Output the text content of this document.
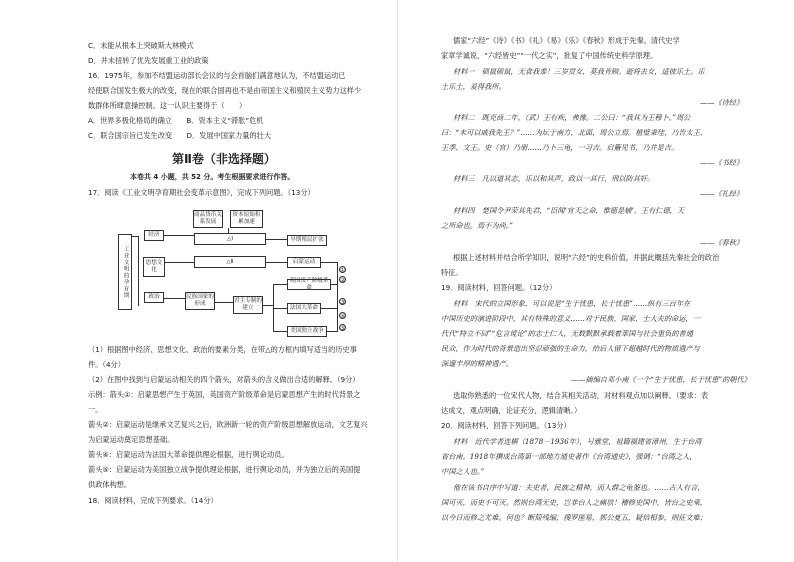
C．未能从根本上突破斯大林模式
D．并未扭转了优先发展重工业的政策
16．1975年，参加不结盟运动部长会议的与会首脑们满意地认为，不结盟运动已
经使联合国发生极大的改变，现在的联合国再也不是由帝国主义和殖民主义势力这样少
数群体所肆意操控制。这一认识主要得于（　　）
A．世界多极化格局的确立　　B．资本主义“滞胀”危机
C．联合国宗旨已发生改变　　D．发展中国家力量的壮大
第Ⅱ卷（非选择题）
本卷共 4 小题，共 52 分。考生根据要求进行作答。
17．阅读《工业文明孕育期社会变革示意图》，完成下列问题。（13分）
工业文明的孕育期
经济
思想文化
政治
商品货币关系发展
资本原始积累加速
△Ⅰ
△Ⅱ
民族国家的形成	君主专制的建立
早期殖民扩张
启蒙运动
英国资产阶级革命
法国大革命
美国独立战争
①
②
③
④
⑤
（1）根据图中经济、思想文化、政治的要素分类，在带△的方框内填写适当的历史事
件。（4分）
（2）在图中找到与启蒙运动相关的四个箭头，对箭头的含义做出合适的解释。（9分）
示例：箭头①：启蒙思想产生于英国，英国资产阶级革命是启蒙思想产生的时代背景之
一。
箭头②：启蒙运动是继承文艺复兴之后，欧洲新一轮的资产阶级思想解放运动，文艺复兴
为启蒙运动奠定思想基础。
箭头④：启蒙运动为法国大革命提供理论根据，进行舆论动员。
箭头⑤：启蒙运动为美国独立战争提供理论根据，进行舆论动员，并为独立后的美国提
供政体构想。
18．阅读材料，完成下列要求。（14分）
儒家“六经”《诗》《书》《礼》《易》《乐》《春秋》形成于先秦。清代史学
家章学诚说，“六经皆史”“一代之实”，批复了中国传统史料学原理。
材料一　硕鼠硕鼠，无食我黍！三岁贯女，莫我肯顾。逝将去女，适彼乐土。乐
土乐土，爰得我所。
——《诗经》
材料二　既克商二年，（武）王有疾，弗豫。二公曰：“我其为王穆卜。”周公
曰：“未可以戚我先王？”……为坛于南方，北面，周公立焉。植璧秉珪，乃告太王、
王季、文王。史（官）乃册……乃卜三龟，一习吉。启籥见书，乃并是吉。
——《书经》
材料三　凡以道其志，乐以和其声，政以一其行，刑以防其奸。
——《礼经》
材料四　楚国令尹荣其先君，“臣闻‘宜天之命，惟德是辅’。王有仁德，天
之所命也。焉不为尚。”
——《春秋》
根据上述材料并结合所学知识，说明“六经”的史料价值，并据此概括先秦社会的政治
特征。
19．阅读材料，回答问题。（12分）
材料　宋代的立国形象，可以说是“生于忧患，长于忧患”……纵有三百年在
中国历史的演进阶段中，其有特殊的意义……对于民族、国家、士大夫的命运，一
代代“特立不回”“危言谠论”的志士仁人，无数默默承载着華国与社会重负的普通
民众，作为时代的背景造出坚忍顽强的生命力，给后人留下超越时代的物质遗产与
深邃丰厚的精神遗产。
——摘编自邓小南《一个“生于忧患，长于忧患”的朝代》
选取你熟悉的一位宋代人物，结合其相关活动，对材料观点加以阐释。（要求：表
达成文，观点明确，论证充分，逻辑清晰。）
20．阅读材料，回答下列问题。（13分）
材料　近代学者连横（1878－1936年），号雅堂，祖籍福建省漳州，生于台湾
省台南。1918年撰成台湾第一部地方通史著作《台湾通史》，强调：“台湾之人，
中国之人也。”
他在该书自序中写道：夫史者，民族之精神，而人群之龟鉴也。……古人有言，
国可灭，而史不可灭。然则台湾无史，岂非台人之痛欤！稽修史国中，皆台之史乘，
以今日而修之尤难。何也？断简残编，搜罗匪易，郭公夏五，疑信相参，则征文难；
